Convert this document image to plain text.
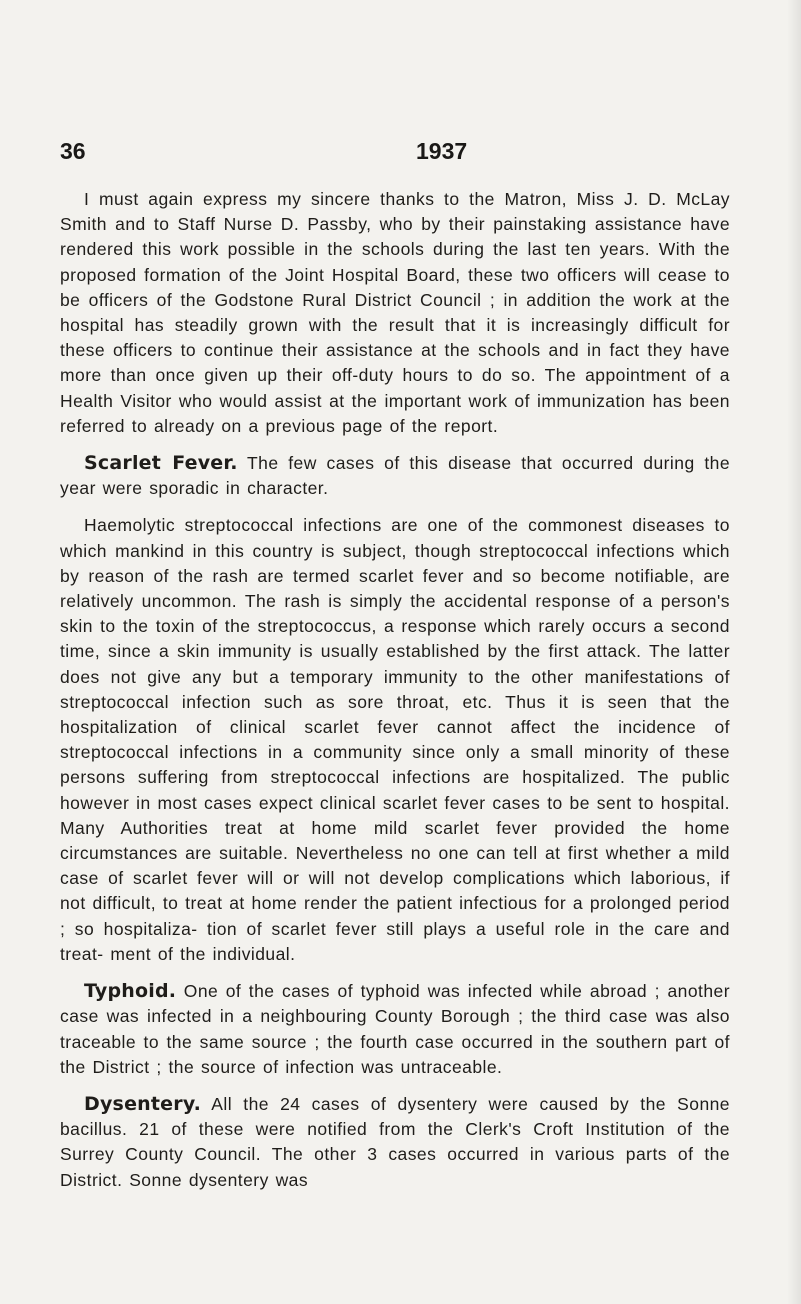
36	1937

I must again express my sincere thanks to the Matron, Miss J. D. McLay Smith and to Staff Nurse D. Passby, who by their painstaking assistance have rendered this work possible in the schools during the last ten years. With the proposed formation of the Joint Hospital Board, these two officers will cease to be officers of the Godstone Rural District Council ; in addition the work at the hospital has steadily grown with the result that it is increasingly difficult for these officers to continue their assistance at the schools and in fact they have more than once given up their off-duty hours to do so. The appointment of a Health Visitor who would assist at the important work of immunization has been referred to already on a previous page of the report.

Scarlet Fever. The few cases of this disease that occurred during the year were sporadic in character.

Haemolytic streptococcal infections are one of the commonest diseases to which mankind in this country is subject, though streptococcal infections which by reason of the rash are termed scarlet fever and so become notifiable, are relatively uncommon. The rash is simply the accidental response of a person's skin to the toxin of the streptococcus, a response which rarely occurs a second time, since a skin immunity is usually established by the first attack. The latter does not give any but a temporary immunity to the other manifestations of streptococcal infection such as sore throat, etc. Thus it is seen that the hospitalization of clinical scarlet fever cannot affect the incidence of streptococcal infections in a community since only a small minority of these persons suffering from streptococcal infections are hospitalized. The public however in most cases expect clinical scarlet fever cases to be sent to hospital. Many Authorities treat at home mild scarlet fever provided the home circumstances are suitable. Nevertheless no one can tell at first whether a mild case of scarlet fever will or will not develop complications which laborious, if not difficult, to treat at home render the patient infectious for a prolonged period ; so hospitaliza- tion of scarlet fever still plays a useful role in the care and treat- ment of the individual.

Typhoid. One of the cases of typhoid was infected while abroad ; another case was infected in a neighbouring County Borough ; the third case was also traceable to the same source ; the fourth case occurred in the southern part of the District ; the source of infection was untraceable.

Dysentery. All the 24 cases of dysentery were caused by the Sonne bacillus. 21 of these were notified from the Clerk's Croft Institution of the Surrey County Council. The other 3 cases occurred in various parts of the District. Sonne dysentery was
